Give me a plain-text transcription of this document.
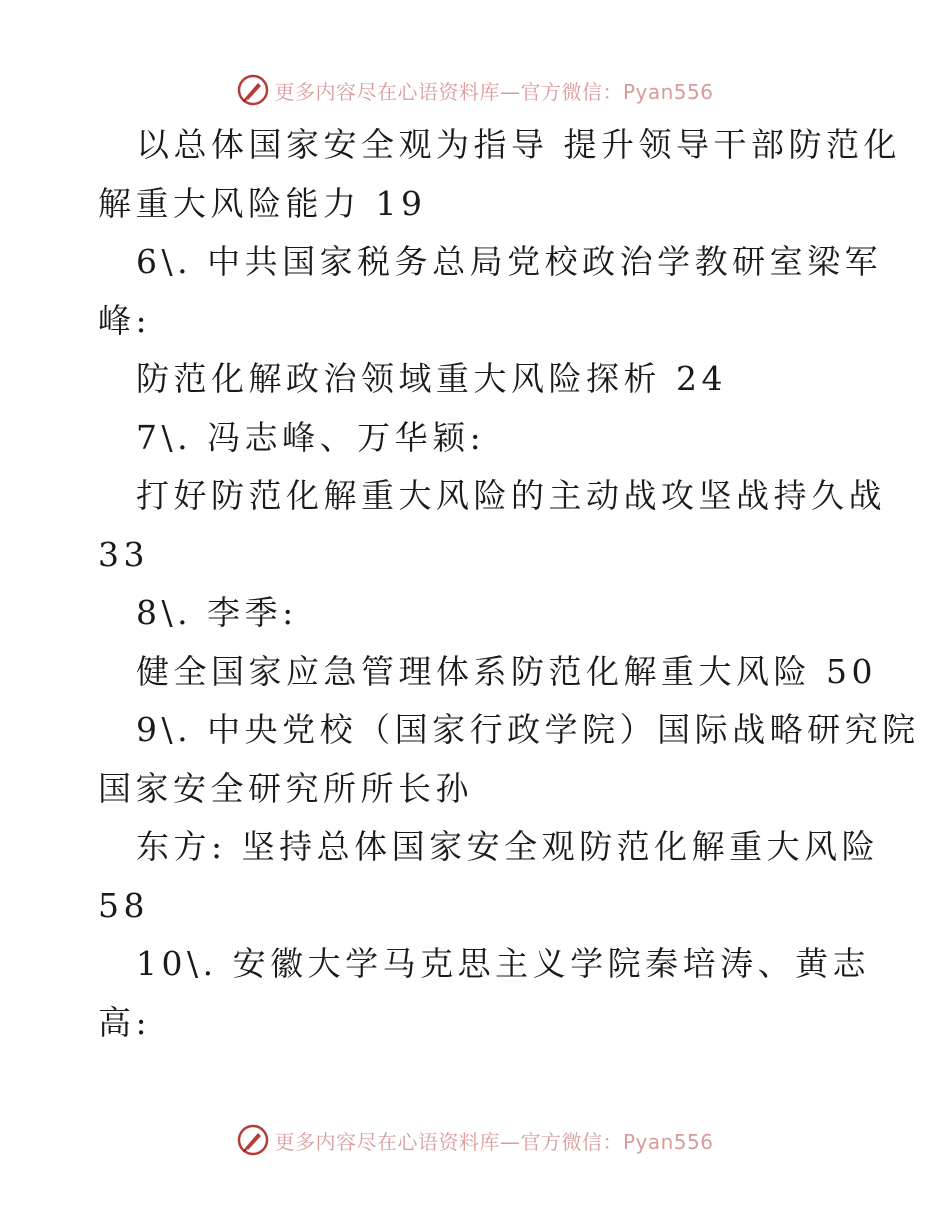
更多内容尽在心语资料库—官方微信：Pyan556
以总体国家安全观为指导 提升领导干部防范化
解重大风险能力 19
6\. 中共国家税务总局党校政治学教研室梁军
峰:
防范化解政治领域重大风险探析 24
7\. 冯志峰、万华颖:
打好防范化解重大风险的主动战攻坚战持久战
33
8\. 李季:
健全国家应急管理体系防范化解重大风险 50
9\. 中央党校（国家行政学院）国际战略研究院
国家安全研究所所长孙
东方: 坚持总体国家安全观防范化解重大风险
58
10\. 安徽大学马克思主义学院秦培涛、黄志
高:
更多内容尽在心语资料库—官方微信：Pyan556
